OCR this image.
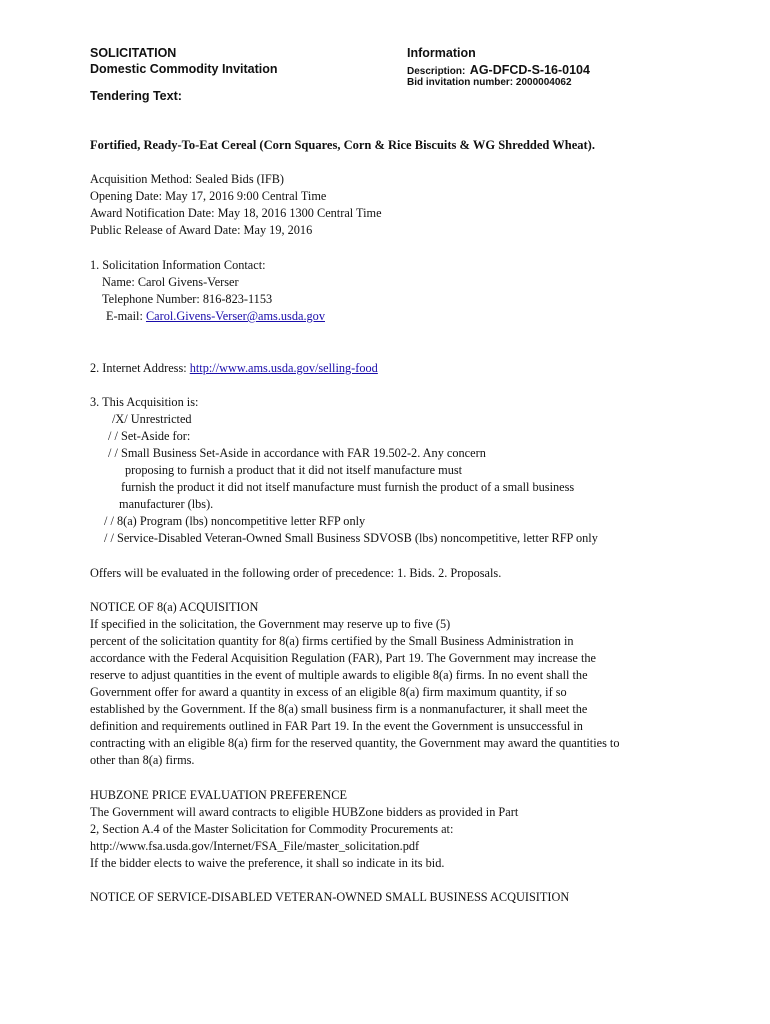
SOLICITATION
Domestic Commodity Invitation
Tendering Text:
Information
Description: AG-DFCD-S-16-0104
Bid invitation number: 2000004062
Fortified, Ready-To-Eat Cereal (Corn Squares, Corn & Rice Biscuits & WG Shredded Wheat).
Acquisition Method: Sealed Bids (IFB)
Opening Date: May 17, 2016 9:00 Central Time
Award Notification Date: May 18, 2016 1300 Central Time
Public Release of Award Date: May 19, 2016
1. Solicitation Information Contact:
Name: Carol Givens-Verser
Telephone Number: 816-823-1153
E-mail: Carol.Givens-Verser@ams.usda.gov
2. Internet Address: http://www.ams.usda.gov/selling-food
3. This Acquisition is:
/X/ Unrestricted
/ / Set-Aside for:
/ / Small Business Set-Aside in accordance with FAR 19.502-2. Any concern
proposing to furnish a product that it did not itself manufacture must
furnish the product it did not itself manufacture must furnish the product of a small business
manufacturer (lbs).
/ / 8(a) Program (lbs) noncompetitive letter RFP only
/ / Service-Disabled Veteran-Owned Small Business SDVOSB (lbs) noncompetitive, letter RFP only
Offers will be evaluated in the following order of precedence: 1. Bids. 2. Proposals.
NOTICE OF 8(a) ACQUISITION
If specified in the solicitation, the Government may reserve up to five (5)
percent of the solicitation quantity for 8(a) firms certified by the Small Business Administration in
accordance with the Federal Acquisition Regulation (FAR), Part 19. The Government may increase the
reserve to adjust quantities in the event of multiple awards to eligible 8(a) firms. In no event shall the
Government offer for award a quantity in excess of an eligible 8(a) firm maximum quantity, if so
established by the Government. If the 8(a) small business firm is a nonmanufacturer, it shall meet the
definition and requirements outlined in FAR Part 19. In the event the Government is unsuccessful in
contracting with an eligible 8(a) firm for the reserved quantity, the Government may award the quantities to
other than 8(a) firms.
HUBZONE PRICE EVALUATION PREFERENCE
The Government will award contracts to eligible HUBZone bidders as provided in Part
2, Section A.4 of the Master Solicitation for Commodity Procurements at:
http://www.fsa.usda.gov/Internet/FSA_File/master_solicitation.pdf
If the bidder elects to waive the preference, it shall so indicate in its bid.
NOTICE OF SERVICE-DISABLED VETERAN-OWNED SMALL BUSINESS ACQUISITION
